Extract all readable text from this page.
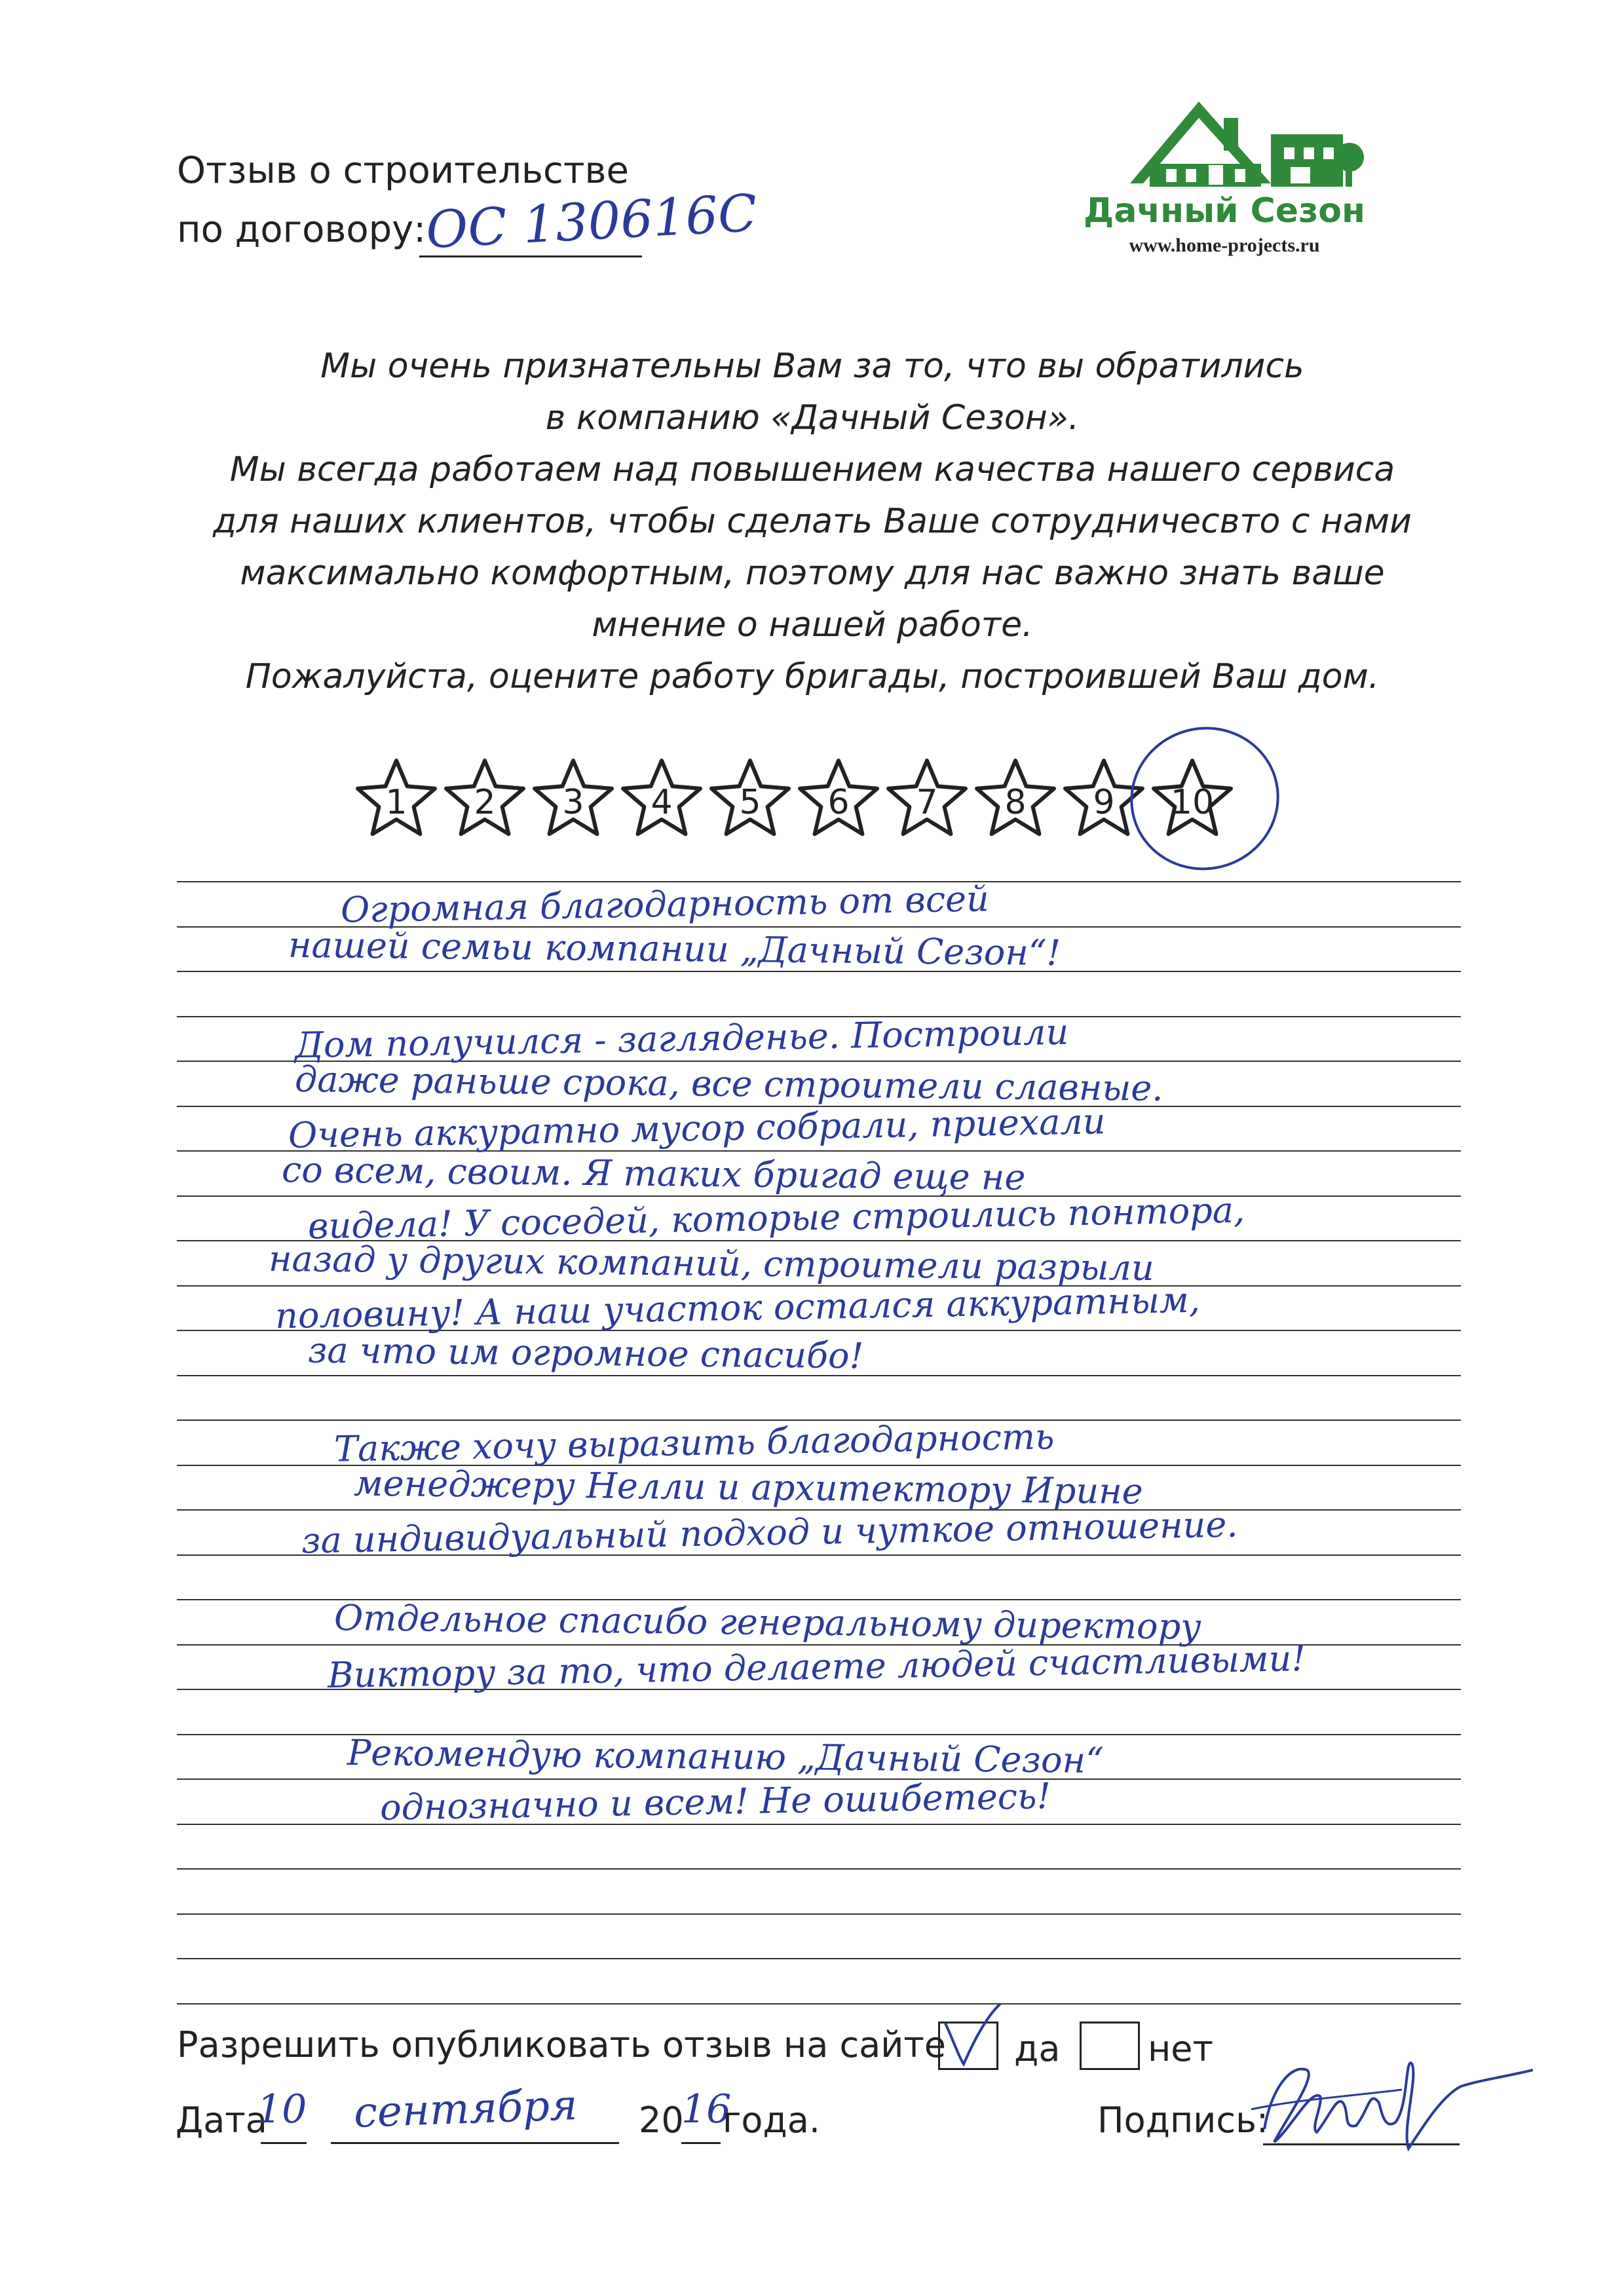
Отзыв о строительстве
по договору:
ОС 130616С	Дачный Сезон
www.home-projects.ru
Мы очень признательны Вам за то, что вы обратились
в компанию «Дачный Сезон».
Мы всегда работаем над повышением качества нашего сервиса
для наших клиентов, чтобы сделать Ваше сотрудничесвто с нами
максимально комфортным, поэтому для нас важно знать ваше
мнение о нашей работе.
Пожалуйста, оцените работу бригады, построившей Ваш дом.
1	2	3	4	5	6	7	8	9	10
Огромная благодарность от всей
нашей семьи компании „Дачный Сезон“!
Дом получился - загляденье. Построили
даже раньше срока, все строители славные.
Очень аккуратно мусор собрали, приехали
со всем, своим. Я таких бригад еще не
видела! У соседей, которые строились понтора,
назад у других компаний, строители разрыли
половину! А наш участок остался аккуратным,
за что им огромное спасибо!
Также хочу выразить благодарность
менеджеру Нелли и архитектору Ирине
за индивидуальный подход и чуткое отношение.
Отдельное спасибо генеральному директору
Виктору за то, что делаете людей счастливыми!
Рекомендую компанию „Дачный Сезон“
однозначно и всем! Не ошибетесь!
Разрешить опубликовать отзыв на сайте да нет
Дата
10 сентября 20
16
года.	Подпись:
